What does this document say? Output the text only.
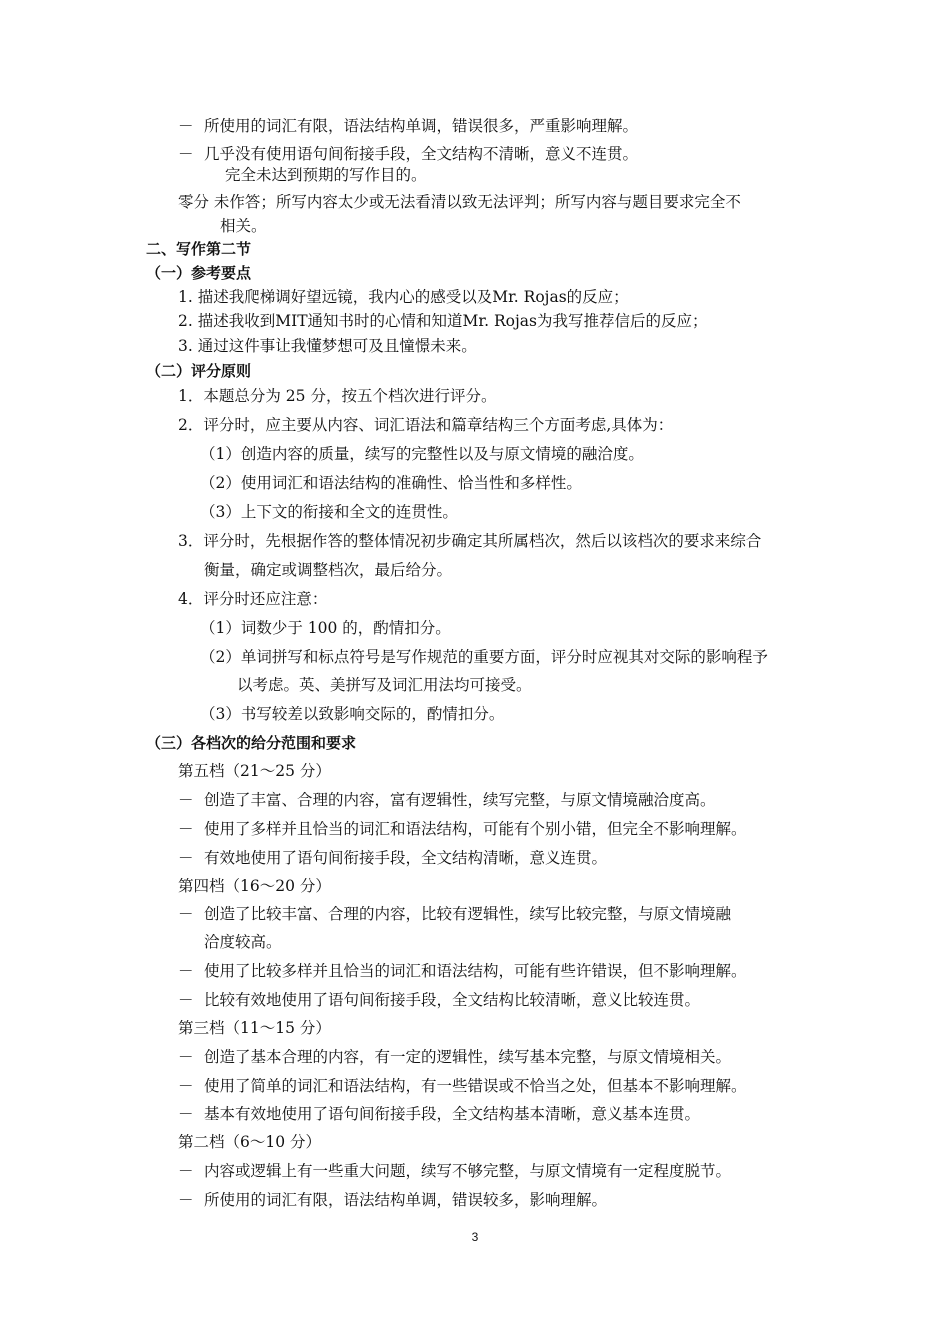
－ 所使用的词汇有限，语法结构单调，错误很多，严重影响理解。
－ 几乎没有使用语句间衔接手段，全文结构不清晰，意义不连贯。
完全未达到预期的写作目的。
零分 未作答；所写内容太少或无法看清以致无法评判；所写内容与题目要求完全不
相关。
二、写作第二节
（一）参考要点
1. 描述我爬梯调好望远镜，我内心的感受以及Mr. Rojas的反应；
2. 描述我收到MIT通知书时的心情和知道Mr. Rojas为我写推荐信后的反应；
3. 通过这件事让我懂梦想可及且憧憬未来。
（二）评分原则
1．本题总分为 25 分，按五个档次进行评分。
2．评分时，应主要从内容、词汇语法和篇章结构三个方面考虑,具体为：
（1）创造内容的质量，续写的完整性以及与原文情境的融洽度。
（2）使用词汇和语法结构的准确性、恰当性和多样性。
（3）上下文的衔接和全文的连贯性。
3．评分时，先根据作答的整体情况初步确定其所属档次，然后以该档次的要求来综合
衡量，确定或调整档次，最后给分。
4．评分时还应注意：
（1）词数少于 100 的，酌情扣分。
（2）单词拼写和标点符号是写作规范的重要方面，评分时应视其对交际的影响程予
以考虑。英、美拼写及词汇用法均可接受。
（3）书写较差以致影响交际的，酌情扣分。
（三）各档次的给分范围和要求
第五档（21～25 分）
－ 创造了丰富、合理的内容，富有逻辑性，续写完整，与原文情境融洽度高。
－ 使用了多样并且恰当的词汇和语法结构，可能有个别小错，但完全不影响理解。
－ 有效地使用了语句间衔接手段，全文结构清晰，意义连贯。
第四档（16～20 分）
－ 创造了比较丰富、合理的内容，比较有逻辑性，续写比较完整，与原文情境融
洽度较高。
－ 使用了比较多样并且恰当的词汇和语法结构，可能有些许错误，但不影响理解。
－ 比较有效地使用了语句间衔接手段，全文结构比较清晰，意义比较连贯。
第三档（11～15 分）
－ 创造了基本合理的内容，有一定的逻辑性，续写基本完整，与原文情境相关。
－ 使用了简单的词汇和语法结构，有一些错误或不恰当之处，但基本不影响理解。
－ 基本有效地使用了语句间衔接手段，全文结构基本清晰，意义基本连贯。
第二档（6～10 分）
－ 内容或逻辑上有一些重大问题，续写不够完整，与原文情境有一定程度脱节。
－ 所使用的词汇有限，语法结构单调，错误较多，影响理解。
3
